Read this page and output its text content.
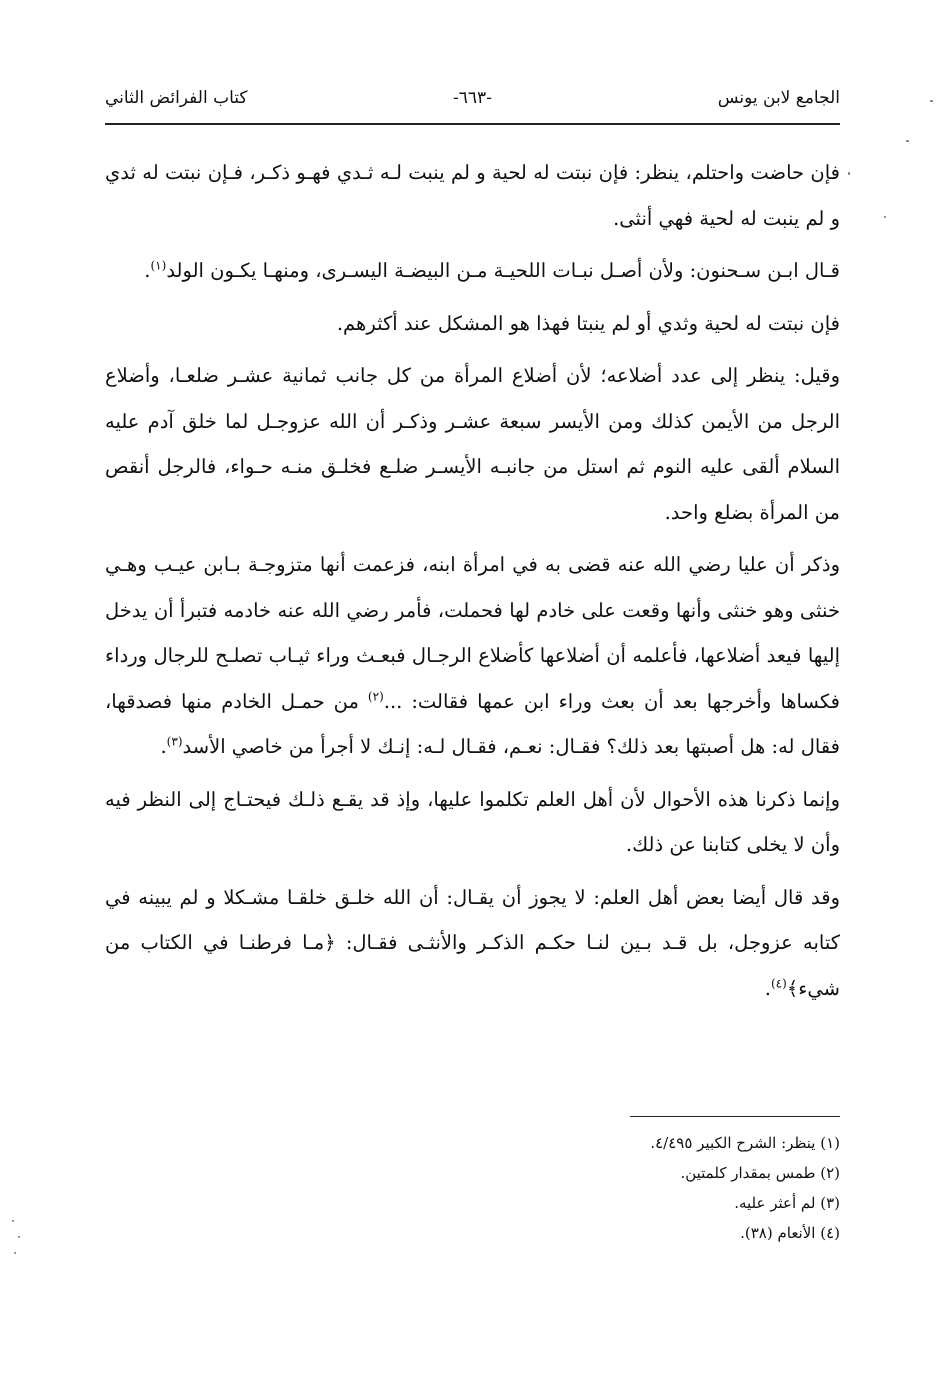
الجامع لابن يونس
-٦٦٣-
كتاب الفرائض الثاني

فإن حاضت واحتلم، ينظر: فإن نبتت له لحية و لم ينبت لـه ثـدي فهـو ذكـر، فـإن نبتت له ثدي و لم ينبت له لحية فهي أنثى.

قـال ابـن سـحنون: ولأن أصـل نبـات اللحيـة مـن البيضـة اليسـرى، ومنهـا يكـون الولد$^{(١)}$.

فإن نبتت له لحية وثدي أو لم ينبتا فهذا هو المشكل عند أكثرهم.

وقيل: ينظر إلى عدد أضلاعه؛ لأن أضلاع المرأة من كل جانب ثمانية عشـر ضلعـا، وأضلاع الرجل من الأيمن كذلك ومن الأيسر سبعة عشـر وذكـر أن الله عزوجـل لما خلق آدم عليه السلام ألقى عليه النوم ثم استل من جانبـه الأيسـر ضلـع فخلـق منـه حـواء، فالرجل أنقص من المرأة بضلع واحد.

وذكر أن عليا رضي الله عنه قضى به في امرأة ابنه، فزعمت أنها متزوجـة بـابن عيـب وهـي خنثى وهو خنثى وأنها وقعت على خادم لها فحملت، فأمر رضي الله عنه خادمه فتبرأ أن يدخل إليها فيعد أضلاعها، فأعلمه أن أضلاعها كأضلاع الرجـال فبعـث وراء ثيـاب تصلـح للرجال ورداء فكساها وأخرجها بعد أن بعث وراء ابن عمها فقالت: ...$^{(٢)}$ من حمـل الخادم منها فصدقها، فقال له: هل أصبتها بعد ذلك؟ فقـال: نعـم، فقـال لـه: إنـك لا أجرأ من خاصي الأسد$^{(٣)}$.

وإنما ذكرنا هذه الأحوال لأن أهل العلم تكلموا عليها، وإذ قد يقـع ذلـك فيحتـاج إلى النظر فيه وأن لا يخلى كتابنا عن ذلك.

وقد قال أيضا بعض أهل العلم: لا يجوز أن يقـال: أن الله خلـق خلقـا مشـكلا و لم يبينه في كتابه عزوجل، بل قـد بـين لنـا حكـم الذكـر والأنثـى فقـال: ﴿مـا فرطنـا في الكتاب من شيء﴾$^{(٤)}$.

(١) ينظر: الشرح الكبير ٤/٤٩٥.
(٢) طمس بمقدار كلمتين.
(٣) لم أعثر عليه.
(٤) الأنعام (٣٨).
